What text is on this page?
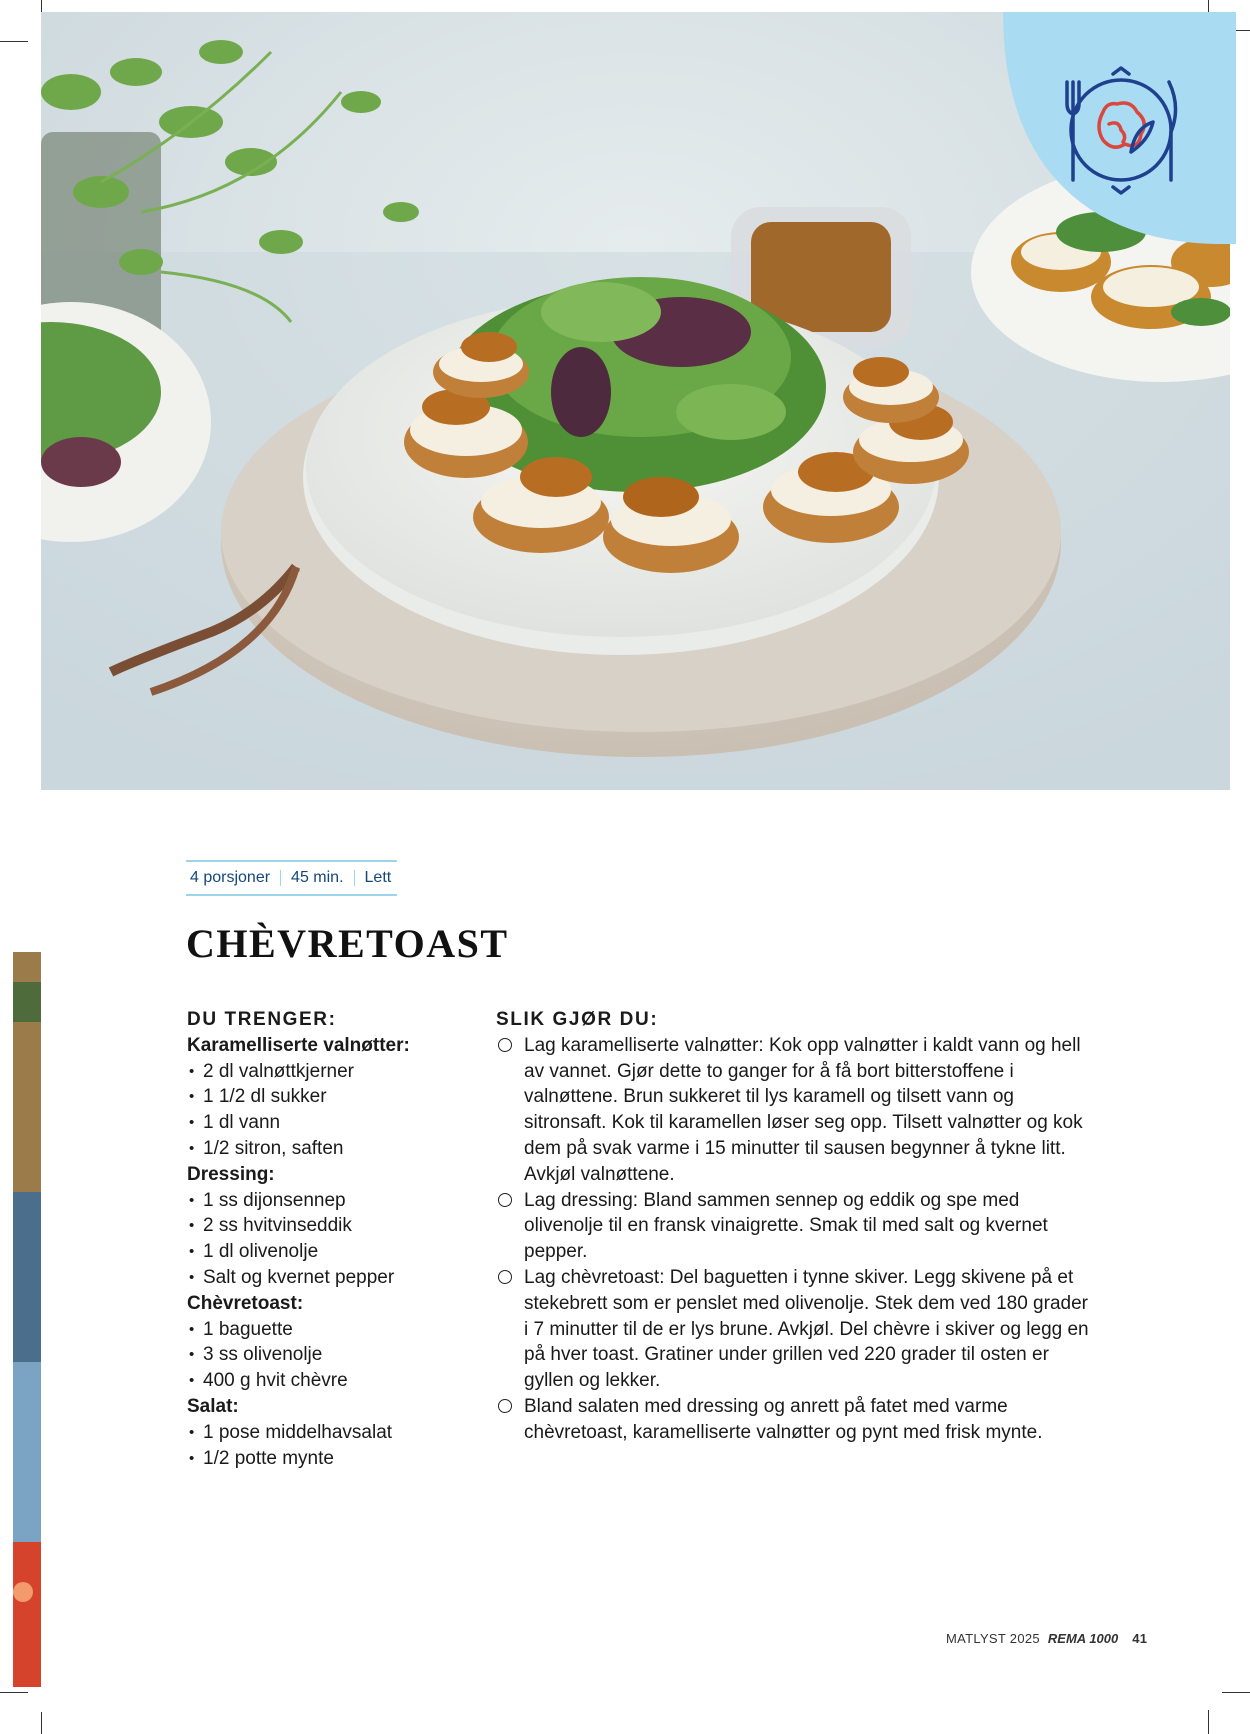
4 porsjoner 45 min. Lett
CHÈVRETOAST
DU TRENGER:
Karamelliserte valnøtter:
• 2 dl valnøttkjerner
• 1 1/2 dl sukker
• 1 dl vann
• 1/2 sitron, saften
Dressing:
• 1 ss dijonsennep
• 2 ss hvitvinseddik
• 1 dl olivenolje
• Salt og kvernet pepper
Chèvretoast:
• 1 baguette
• 3 ss olivenolje
• 400 g hvit chèvre
Salat:
• 1 pose middelhavsalat
• 1/2 potte mynte
SLIK GJØR DU:
Lag karamelliserte valnøtter: Kok opp valnøtter i kaldt vann og hell av vannet. Gjør dette to ganger for å få bort bitterstoffene i valnøttene. Brun sukkeret til lys karamell og tilsett vann og sitronsaft. Kok til karamellen løser seg opp. Tilsett valnøtter og kok dem på svak varme i 15 minutter til sausen begynner å tykne litt. Avkjøl valnøttene.
Lag dressing: Bland sammen sennep og eddik og spe med olivenolje til en fransk vinaigrette. Smak til med salt og kvernet pepper.
Lag chèvretoast: Del baguetten i tynne skiver. Legg skivene på et stekebrett som er penslet med olivenolje. Stek dem ved 180 grader i 7 minutter til de er lys brune. Avkjøl. Del chèvre i skiver og legg en på hver toast. Gratiner under grillen ved 220 grader til osten er gyllen og lekker.
Bland salaten med dressing og anrett på fatet med varme chèvretoast, karamelliserte valnøtter og pynt med frisk mynte.
MATLYST 2025 REMA 1000 41
